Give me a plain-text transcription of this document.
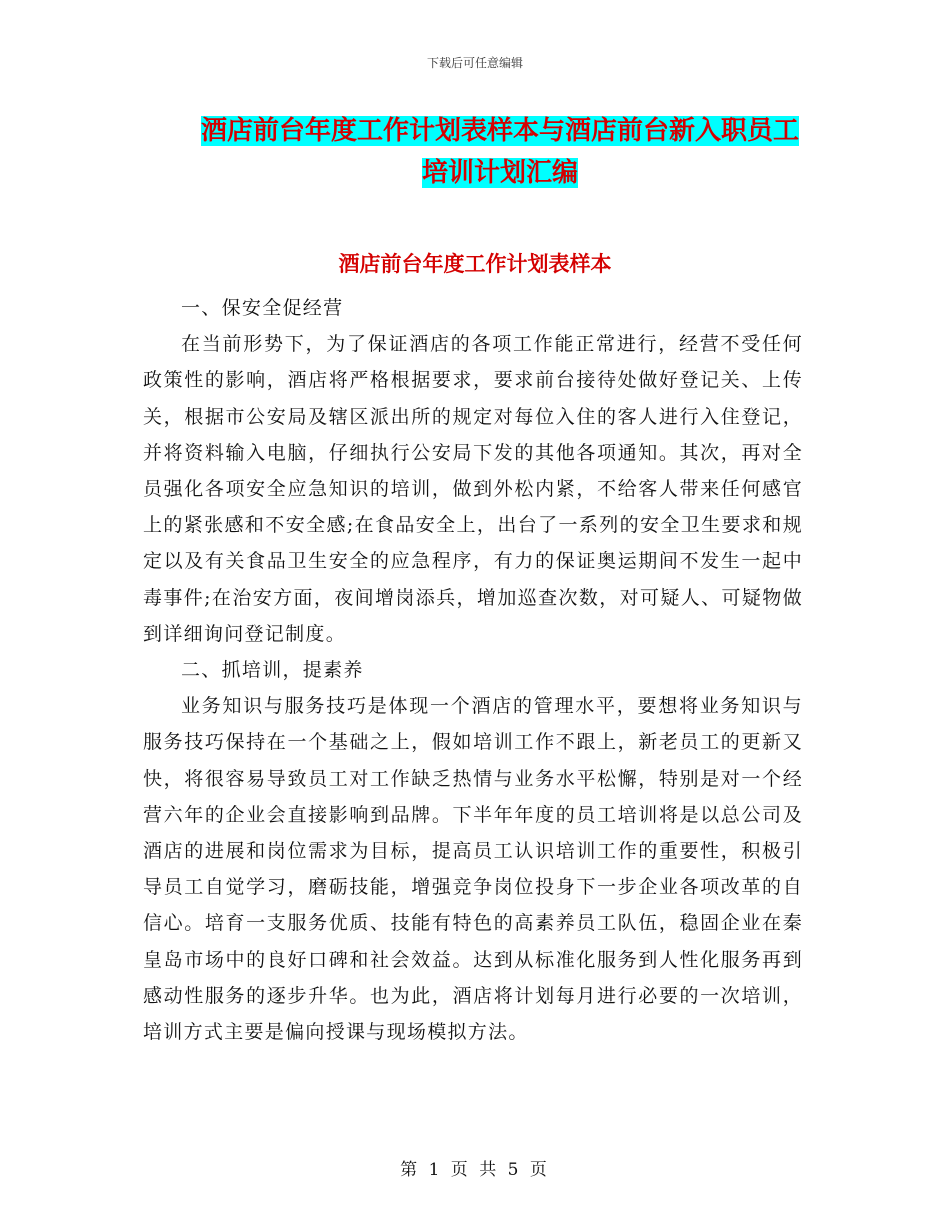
下载后可任意编辑
酒店前台年度工作计划表样本与酒店前台新入职员工培训计划汇编
酒店前台年度工作计划表样本

一、保安全促经营

在当前形势下，为了保证酒店的各项工作能正常进行，经营不受任何政策性的影响，酒店将严格根据要求，要求前台接待处做好登记关、上传关，根据市公安局及辖区派出所的规定对每位入住的客人进行入住登记，并将资料输入电脑，仔细执行公安局下发的其他各项通知。其次，再对全员强化各项安全应急知识的培训，做到外松内紧，不给客人带来任何感官上的紧张感和不安全感;在食品安全上，出台了一系列的安全卫生要求和规定以及有关食品卫生安全的应急程序，有力的保证奥运期间不发生一起中毒事件;在治安方面，夜间增岗添兵，增加巡查次数，对可疑人、可疑物做到详细询问登记制度。

二、抓培训，提素养

业务知识与服务技巧是体现一个酒店的管理水平，要想将业务知识与服务技巧保持在一个基础之上，假如培训工作不跟上，新老员工的更新又快，将很容易导致员工对工作缺乏热情与业务水平松懈，特别是对一个经营六年的企业会直接影响到品牌。下半年年度的员工培训将是以总公司及酒店的进展和岗位需求为目标，提高员工认识培训工作的重要性，积极引导员工自觉学习，磨砺技能，增强竞争岗位投身下一步企业各项改革的自信心。培育一支服务优质、技能有特色的高素养员工队伍，稳固企业在秦皇岛市场中的良好口碑和社会效益。达到从标准化服务到人性化服务再到感动性服务的逐步升华。也为此，酒店将计划每月进行必要的一次培训，培训方式主要是偏向授课与现场模拟方法。

第 1 页 共 5 页
